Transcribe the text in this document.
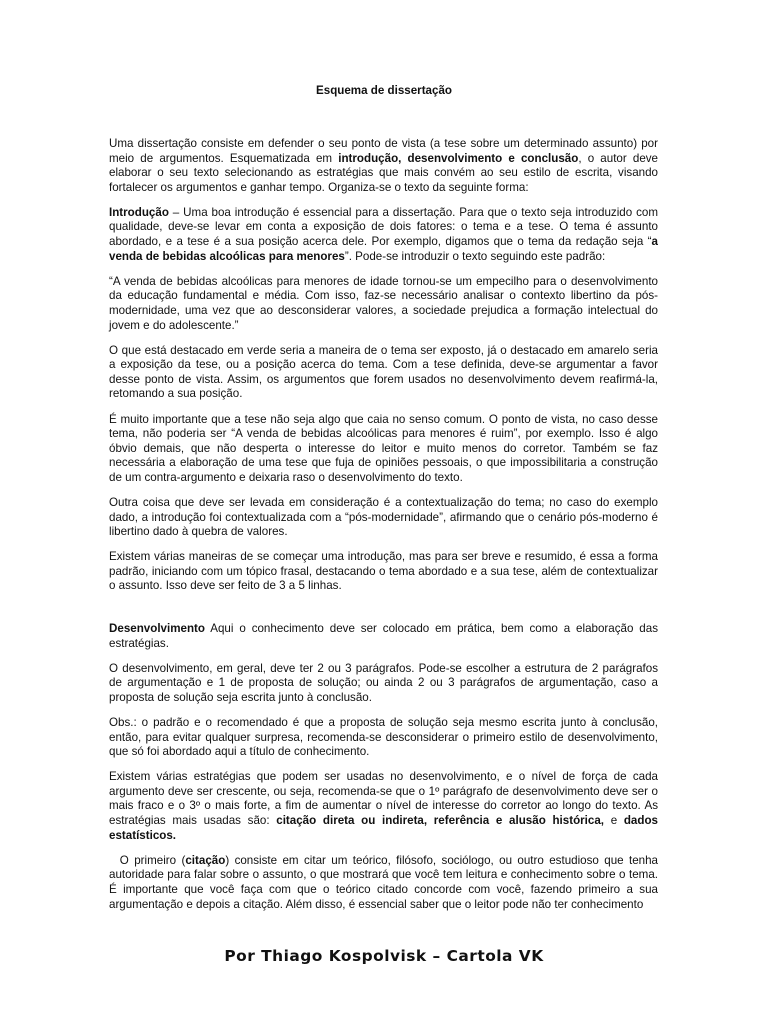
Esquema de dissertação

Uma dissertação consiste em defender o seu ponto de vista (a tese sobre um determinado assunto) por meio de argumentos. Esquematizada em introdução, desenvolvimento e conclusão, o autor deve elaborar o seu texto selecionando as estratégias que mais convém ao seu estilo de escrita, visando fortalecer os argumentos e ganhar tempo. Organiza-se o texto da seguinte forma:

Introdução – Uma boa introdução é essencial para a dissertação. Para que o texto seja introduzido com qualidade, deve-se levar em conta a exposição de dois fatores: o tema e a tese. O tema é assunto abordado, e a tese é a sua posição acerca dele. Por exemplo, digamos que o tema da redação seja “a venda de bebidas alcoólicas para menores”. Pode-se introduzir o texto seguindo este padrão:

“A venda de bebidas alcoólicas para menores de idade tornou-se um empecilho para o desenvolvimento da educação fundamental e média. Com isso, faz-se necessário analisar o contexto libertino da pós-modernidade, uma vez que ao desconsiderar valores, a sociedade prejudica a formação intelectual do jovem e do adolescente.”

O que está destacado em verde seria a maneira de o tema ser exposto, já o destacado em amarelo seria a exposição da tese, ou a posição acerca do tema. Com a tese definida, deve-se argumentar a favor desse ponto de vista. Assim, os argumentos que forem usados no desenvolvimento devem reafirmá-la, retomando a sua posição.

É muito importante que a tese não seja algo que caia no senso comum. O ponto de vista, no caso desse tema, não poderia ser “A venda de bebidas alcoólicas para menores é ruim”, por exemplo. Isso é algo óbvio demais, que não desperta o interesse do leitor e muito menos do corretor. Também se faz necessária a elaboração de uma tese que fuja de opiniões pessoais, o que impossibilitaria a construção de um contra-argumento e deixaria raso o desenvolvimento do texto.

Outra coisa que deve ser levada em consideração é a contextualização do tema; no caso do exemplo dado, a introdução foi contextualizada com a “pós-modernidade”, afirmando que o cenário pós-moderno é libertino dado à quebra de valores.

Existem várias maneiras de se começar uma introdução, mas para ser breve e resumido, é essa a forma padrão, iniciando com um tópico frasal, destacando o tema abordado e a sua tese, além de contextualizar o assunto. Isso deve ser feito de 3 a 5 linhas.

Desenvolvimento Aqui o conhecimento deve ser colocado em prática, bem como a elaboração das estratégias.

O desenvolvimento, em geral, deve ter 2 ou 3 parágrafos. Pode-se escolher a estrutura de 2 parágrafos de argumentação e 1 de proposta de solução; ou ainda 2 ou 3 parágrafos de argumentação, caso a proposta de solução seja escrita junto à conclusão.

Obs.: o padrão e o recomendado é que a proposta de solução seja mesmo escrita junto à conclusão, então, para evitar qualquer surpresa, recomenda-se desconsiderar o primeiro estilo de desenvolvimento, que só foi abordado aqui a título de conhecimento.

Existem várias estratégias que podem ser usadas no desenvolvimento, e o nível de força de cada argumento deve ser crescente, ou seja, recomenda-se que o 1º parágrafo de desenvolvimento deve ser o mais fraco e o 3º o mais forte, a fim de aumentar o nível de interesse do corretor ao longo do texto. As estratégias mais usadas são: citação direta ou indireta, referência e alusão histórica, e dados estatísticos.

O primeiro (citação) consiste em citar um teórico, filósofo, sociólogo, ou outro estudioso que tenha autoridade para falar sobre o assunto, o que mostrará que você tem leitura e conhecimento sobre o tema. É importante que você faça com que o teórico citado concorde com você, fazendo primeiro a sua argumentação e depois a citação. Além disso, é essencial saber que o leitor pode não ter conhecimento

Por Thiago Kospolvisk – Cartola VK
